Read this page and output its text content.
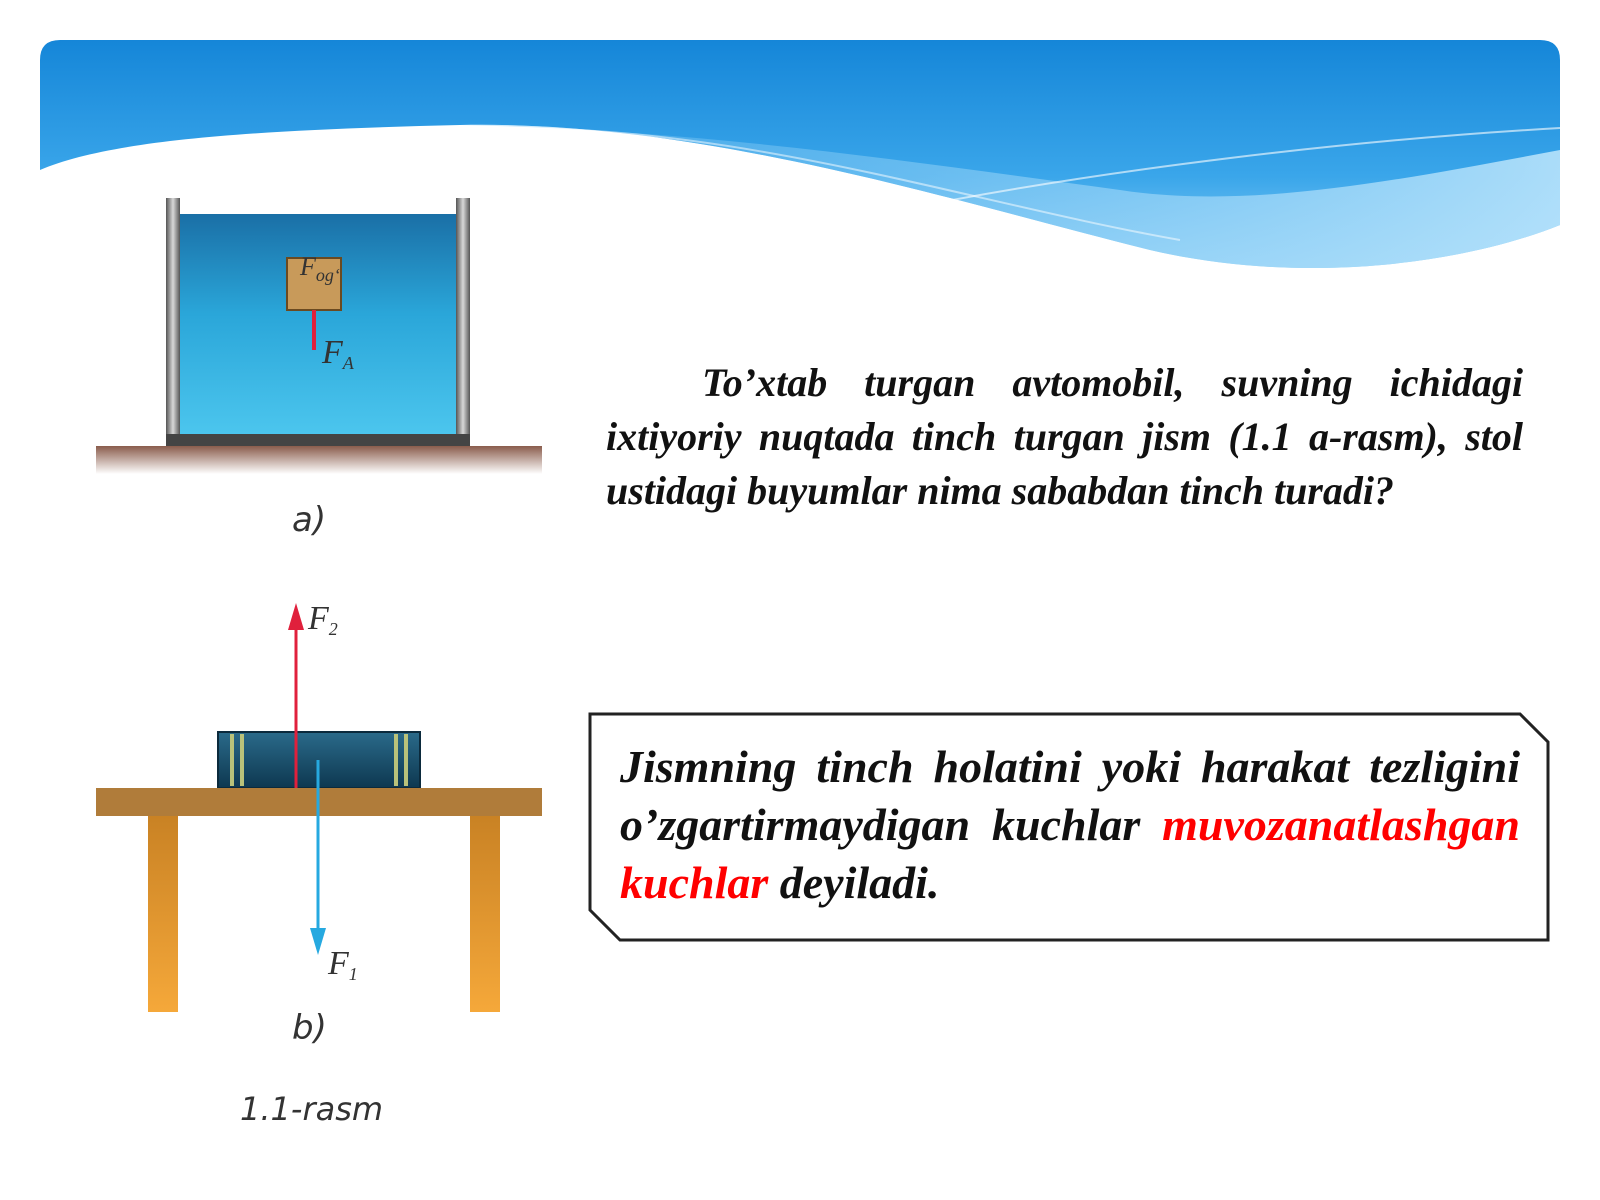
$F_{og‘}$
$F_A$
a)
$F_2$
$F_1$
b)
1.1-rasm
To’xtab turgan avtomobil, suvning ichidagi ixtiyoriy nuqtada tinch turgan jism (1.1 a-rasm), stol ustidagi buyumlar nima sababdan tinch turadi?
Jismning tinch holatini yoki harakat tezligini o’zgartirmaydigan kuchlar muvozanatlashgan kuchlar deyiladi.
